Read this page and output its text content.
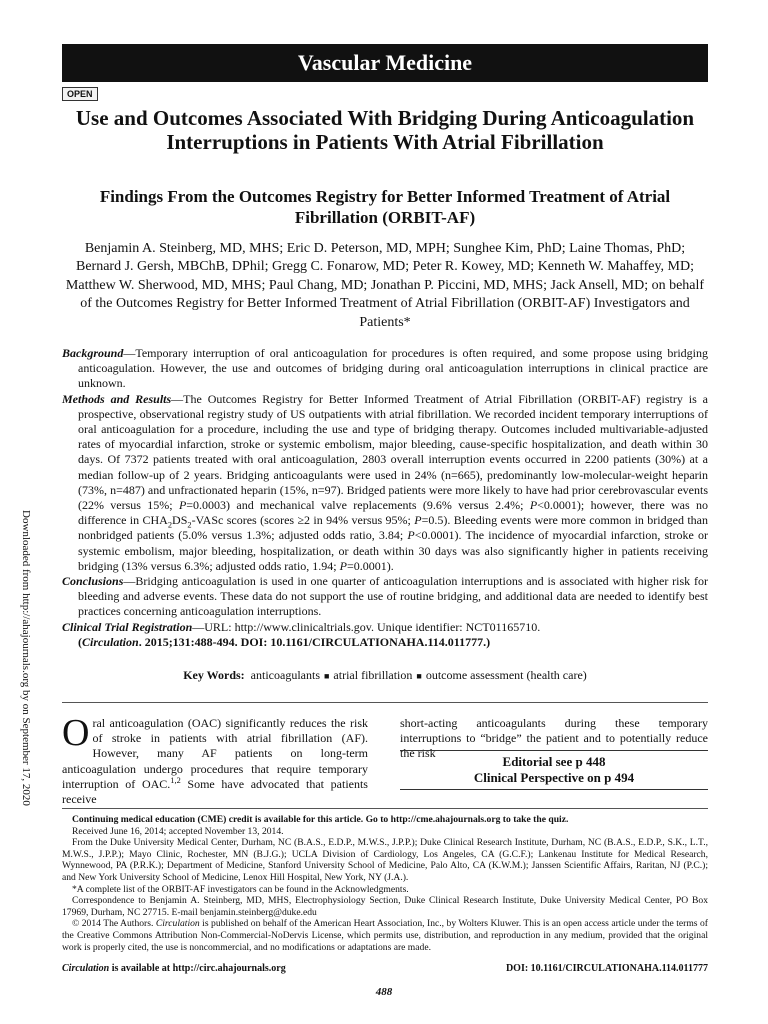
Vascular Medicine
OPEN
Use and Outcomes Associated With Bridging During Anticoagulation Interruptions in Patients With Atrial Fibrillation
Findings From the Outcomes Registry for Better Informed Treatment of Atrial Fibrillation (ORBIT-AF)
Benjamin A. Steinberg, MD, MHS; Eric D. Peterson, MD, MPH; Sunghee Kim, PhD; Laine Thomas, PhD; Bernard J. Gersh, MBChB, DPhil; Gregg C. Fonarow, MD; Peter R. Kowey, MD; Kenneth W. Mahaffey, MD; Matthew W. Sherwood, MD, MHS; Paul Chang, MD; Jonathan P. Piccini, MD, MHS; Jack Ansell, MD; on behalf of the Outcomes Registry for Better Informed Treatment of Atrial Fibrillation (ORBIT-AF) Investigators and Patients*

Background—Temporary interruption of oral anticoagulation for procedures is often required, and some propose using bridging anticoagulation. However, the use and outcomes of bridging during oral anticoagulation interruptions in clinical practice are unknown.

Methods and Results—The Outcomes Registry for Better Informed Treatment of Atrial Fibrillation (ORBIT-AF) registry is a prospective, observational registry study of US outpatients with atrial fibrillation. We recorded incident temporary interruptions of oral anticoagulation for a procedure, including the use and type of bridging therapy. Outcomes included multivariable-adjusted rates of myocardial infarction, stroke or systemic embolism, major bleeding, cause-specific hospitalization, and death within 30 days. Of 7372 patients treated with oral anticoagulation, 2803 overall interruption events occurred in 2200 patients (30%) at a median follow-up of 2 years. Bridging anticoagulants were used in 24% (n=665), predominantly low-molecular-weight heparin (73%, n=487) and unfractionated heparin (15%, n=97). Bridged patients were more likely to have had prior cerebrovascular events (22% versus 15%; P=0.0003) and mechanical valve replacements (9.6% versus 2.4%; P<0.0001); however, there was no difference in $CHA_2DS_2$-VASc scores (scores ≥2 in 94% versus 95%; P=0.5). Bleeding events were more common in bridged than nonbridged patients (5.0% versus 1.3%; adjusted odds ratio, 3.84; P<0.0001). The incidence of myocardial infarction, stroke or systemic embolism, major bleeding, hospitalization, or death within 30 days was also significantly higher in patients receiving bridging (13% versus 6.3%; adjusted odds ratio, 1.94; P=0.0001).

Conclusions—Bridging anticoagulation is used in one quarter of anticoagulation interruptions and is associated with higher risk for bleeding and adverse events. These data do not support the use of routine bridging, and additional data are needed to identify best practices concerning anticoagulation interruptions.

Clinical Trial Registration—URL: http://www.clinicaltrials.gov. Unique identifier: NCT01165710.

(Circulation. 2015;131:488-494. DOI: 10.1161/CIRCULATIONAHA.114.011777.)

Key Words: anticoagulants ■ atrial fibrillation ■ outcome assessment (health care)
Oral anticoagulation (OAC) significantly reduces the risk of stroke in patients with atrial fibrillation (AF). However, many AF patients on long-term anticoagulation undergo procedures that require temporary interruption of OAC.$^{1,2}$ Some have advocated that patients receive
short-acting anticoagulants during these temporary interruptions to “bridge” the patient and to potentially reduce the risk
Editorial see p 448
Clinical Perspective on p 494

Continuing medical education (CME) credit is available for this article. Go to http://cme.ahajournals.org to take the quiz.

Received June 16, 2014; accepted November 13, 2014.

From the Duke University Medical Center, Durham, NC (B.A.S., E.D.P., M.W.S., J.P.P.); Duke Clinical Research Institute, Durham, NC (B.A.S., E.D.P., S.K., L.T., M.W.S., J.P.P.); Mayo Clinic, Rochester, MN (B.J.G.); UCLA Division of Cardiology, Los Angeles, CA (G.C.F.); Lankenau Institute for Medical Research, Wynnewood, PA (P.R.K.); Department of Medicine, Stanford University School of Medicine, Palo Alto, CA (K.W.M.); Janssen Scientific Affairs, Raritan, NJ (P.C.); and New York University School of Medicine, Lenox Hill Hospital, New York, NY (J.A.).

*A complete list of the ORBIT-AF investigators can be found in the Acknowledgments.

Correspondence to Benjamin A. Steinberg, MD, MHS, Electrophysiology Section, Duke Clinical Research Institute, Duke University Medical Center, PO Box 17969, Durham, NC 27715. E-mail benjamin.steinberg@duke.edu

© 2014 The Authors. Circulation is published on behalf of the American Heart Association, Inc., by Wolters Kluwer. This is an open access article under the terms of the Creative Commons Attribution Non-Commercial-NoDervis License, which permits use, distribution, and reproduction in any medium, provided that the original work is properly cited, the use is noncommercial, and no modifications or adaptations are made.

Circulation is available at http://circ.ahajournals.org	DOI: 10.1161/CIRCULATIONAHA.114.011777
488
Downloaded from http://ahajournals.org by on September 17, 2020
